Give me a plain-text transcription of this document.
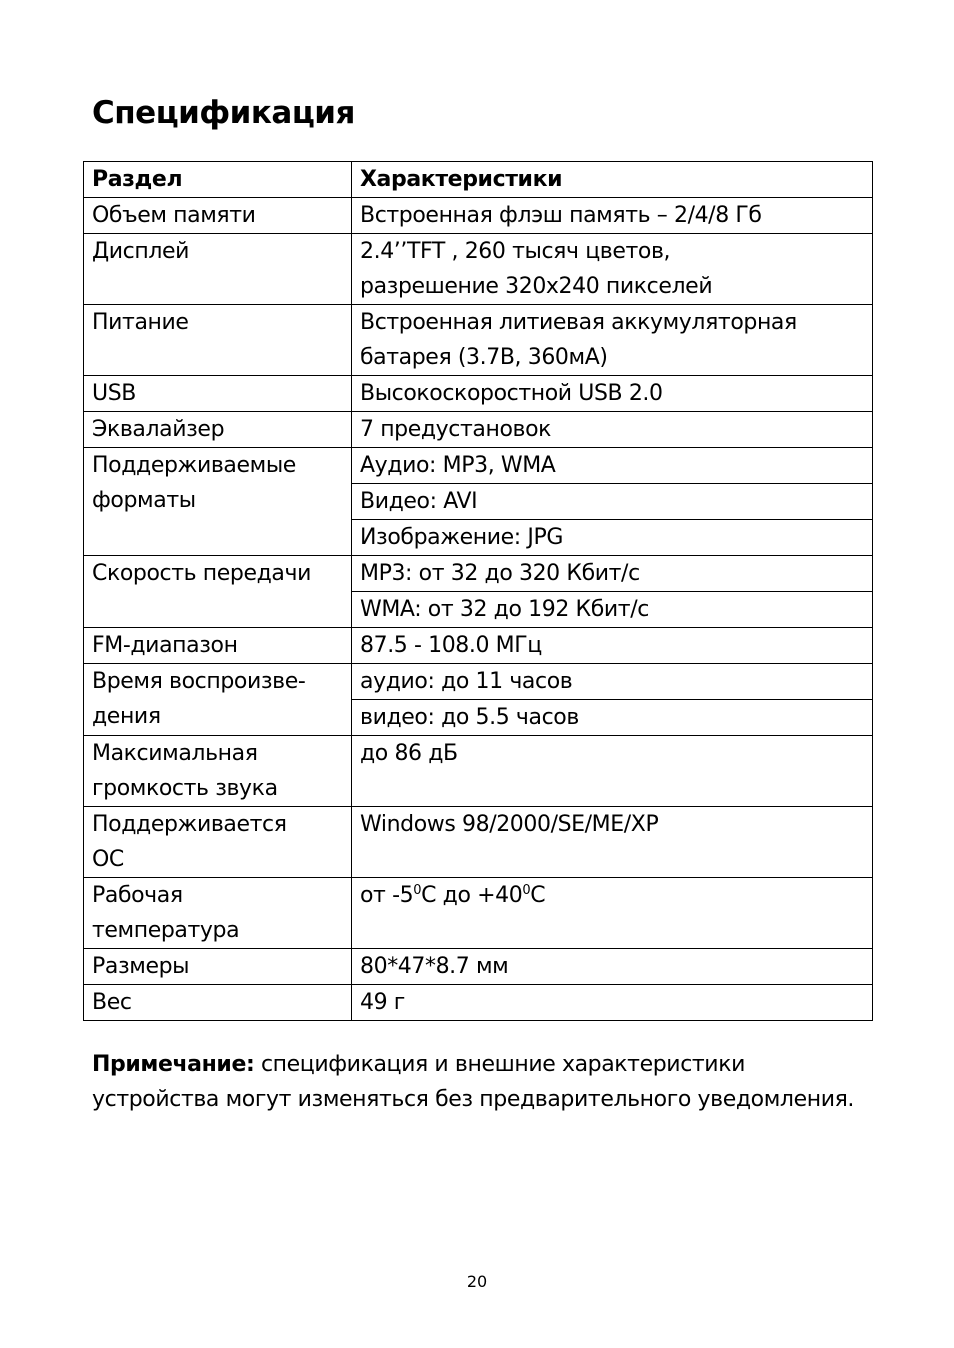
Спецификация
Раздел	Характеристики
Объем памяти	Встроенная флэш память – 2/4/8 Гб

Дисплей	2.4’’TFT , 260 тысяч цветов,
разрешение 320x240 пикселей

Питание	Встроенная литиевая аккумуляторная
батарея (3.7В, 360мА)

USB	Высокоскоростной USB 2.0
Эквалайзер	7 предустановок

Поддерживаемые
форматы	Аудио: MP3, WMA
	Видео: AVI
	Изображение: JPG

Скорость передачи	MP3: от 32 до 320 Кбит/с
	WMA: от 32 до 192 Кбит/с
FM-диапазон	87.5 - 108.0 МГц

Время воспроизве-
дения	аудио: до 11 часов
	видео: до 5.5 часов

Максимальная
громкость звука	до 86 дБ

Поддерживается
ОС	Windows 98/2000/SE/ME/XP

Рабочая
температура	от $-5^0С$ до $+40^0С$
Размеры	80*47*8.7 мм
Вес	49 г

Примечание: спецификация и внешние характеристики устройства могут изменяться без предварительного уведомления.

20
